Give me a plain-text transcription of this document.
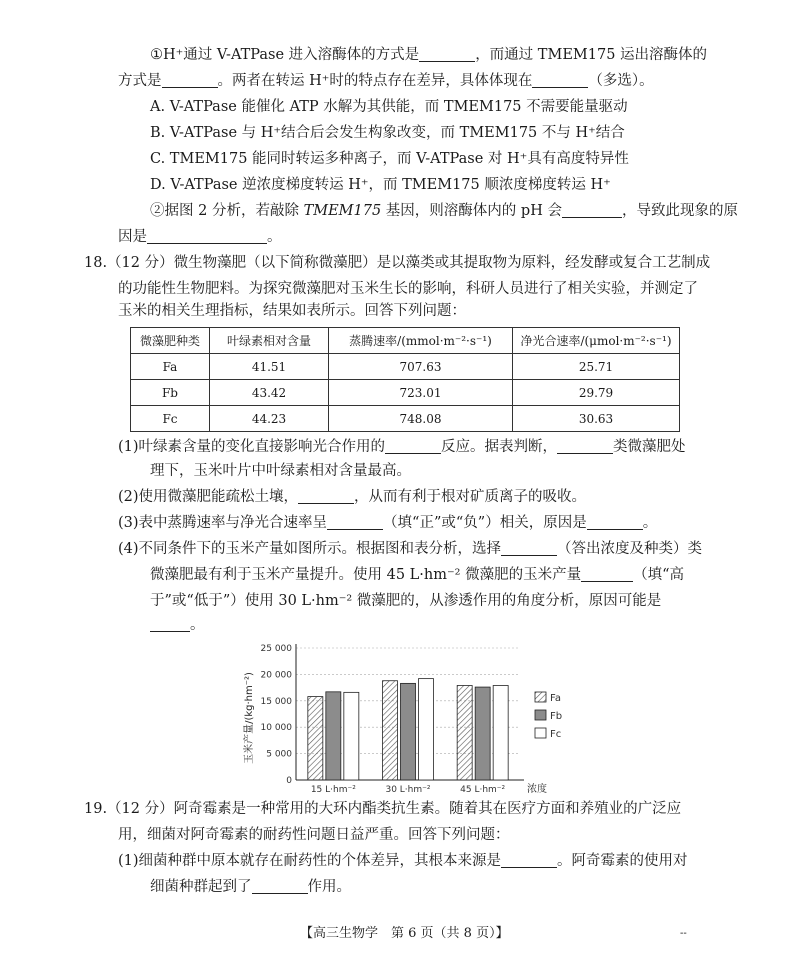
①H⁺通过 V-ATPase 进入溶酶体的方式是	，而通过 TMEM175 运出溶酶体的
方式是	。两者在转运 H⁺时的特点存在差异，具体体现在	（多选）。
A. V-ATPase 能催化 ATP 水解为其供能，而 TMEM175 不需要能量驱动
B. V-ATPase 与 H⁺结合后会发生构象改变，而 TMEM175 不与 H⁺结合
C. TMEM175 能同时转运多种离子，而 V-ATPase 对 H⁺具有高度特异性
D. V-ATPase 逆浓度梯度转运 H⁺，而 TMEM175 顺浓度梯度转运 H⁺
②据图 2 分析，若敲除 TMEM175 基因，则溶酶体内的 pH 会	，导致此现象的原
因是	。
18.（12 分）微生物藻肥（以下简称微藻肥）是以藻类或其提取物为原料，经发酵或复合工艺制成
的功能性生物肥料。为探究微藻肥对玉米生长的影响，科研人员进行了相关实验，并测定了
玉米的相关生理指标，结果如表所示。回答下列问题：
微藻肥种类	叶绿素相对含量	蒸腾速率/(mmol·m⁻²·s⁻¹)	净光合速率/(μmol·m⁻²·s⁻¹)
Fa	41.51	707.63	25.71
Fb	43.42	723.01	29.79
Fc	44.23	748.08	30.63
(1)叶绿素含量的变化直接影响光合作用的	反应。据表判断，	类微藻肥处
理下，玉米叶片中叶绿素相对含量最高。
(2)使用微藻肥能疏松土壤，	，从而有利于根对矿质离子的吸收。
(3)表中蒸腾速率与净光合速率呈	（填“正”或“负”）相关，原因是	。
(4)不同条件下的玉米产量如图所示。根据图和表分析，选择	（答出浓度及种类）类
微藻肥最有利于玉米产量提升。使用 45 L·hm⁻² 微藻肥的玉米产量	（填“高
于”或“低于”）使用 30 L·hm⁻² 微藻肥的，从渗透作用的角度分析，原因可能是
。
0
5 000
10 000
15 000
20 000
25 000
15 L·hm⁻²	30 L·hm⁻²	45 L·hm⁻²
Fa
Fb
Fc
玉米产量/(kg·hm⁻²)
浓度
19.（12 分）阿奇霉素是一种常用的大环内酯类抗生素。随着其在医疗方面和养殖业的广泛应
用，细菌对阿奇霉素的耐药性问题日益严重。回答下列问题：
(1)细菌种群中原本就存在耐药性的个体差异，其根本来源是	。阿奇霉素的使用对
细菌种群起到了	作用。
【高三生物学　第 6 页（共 8 页）】	--
